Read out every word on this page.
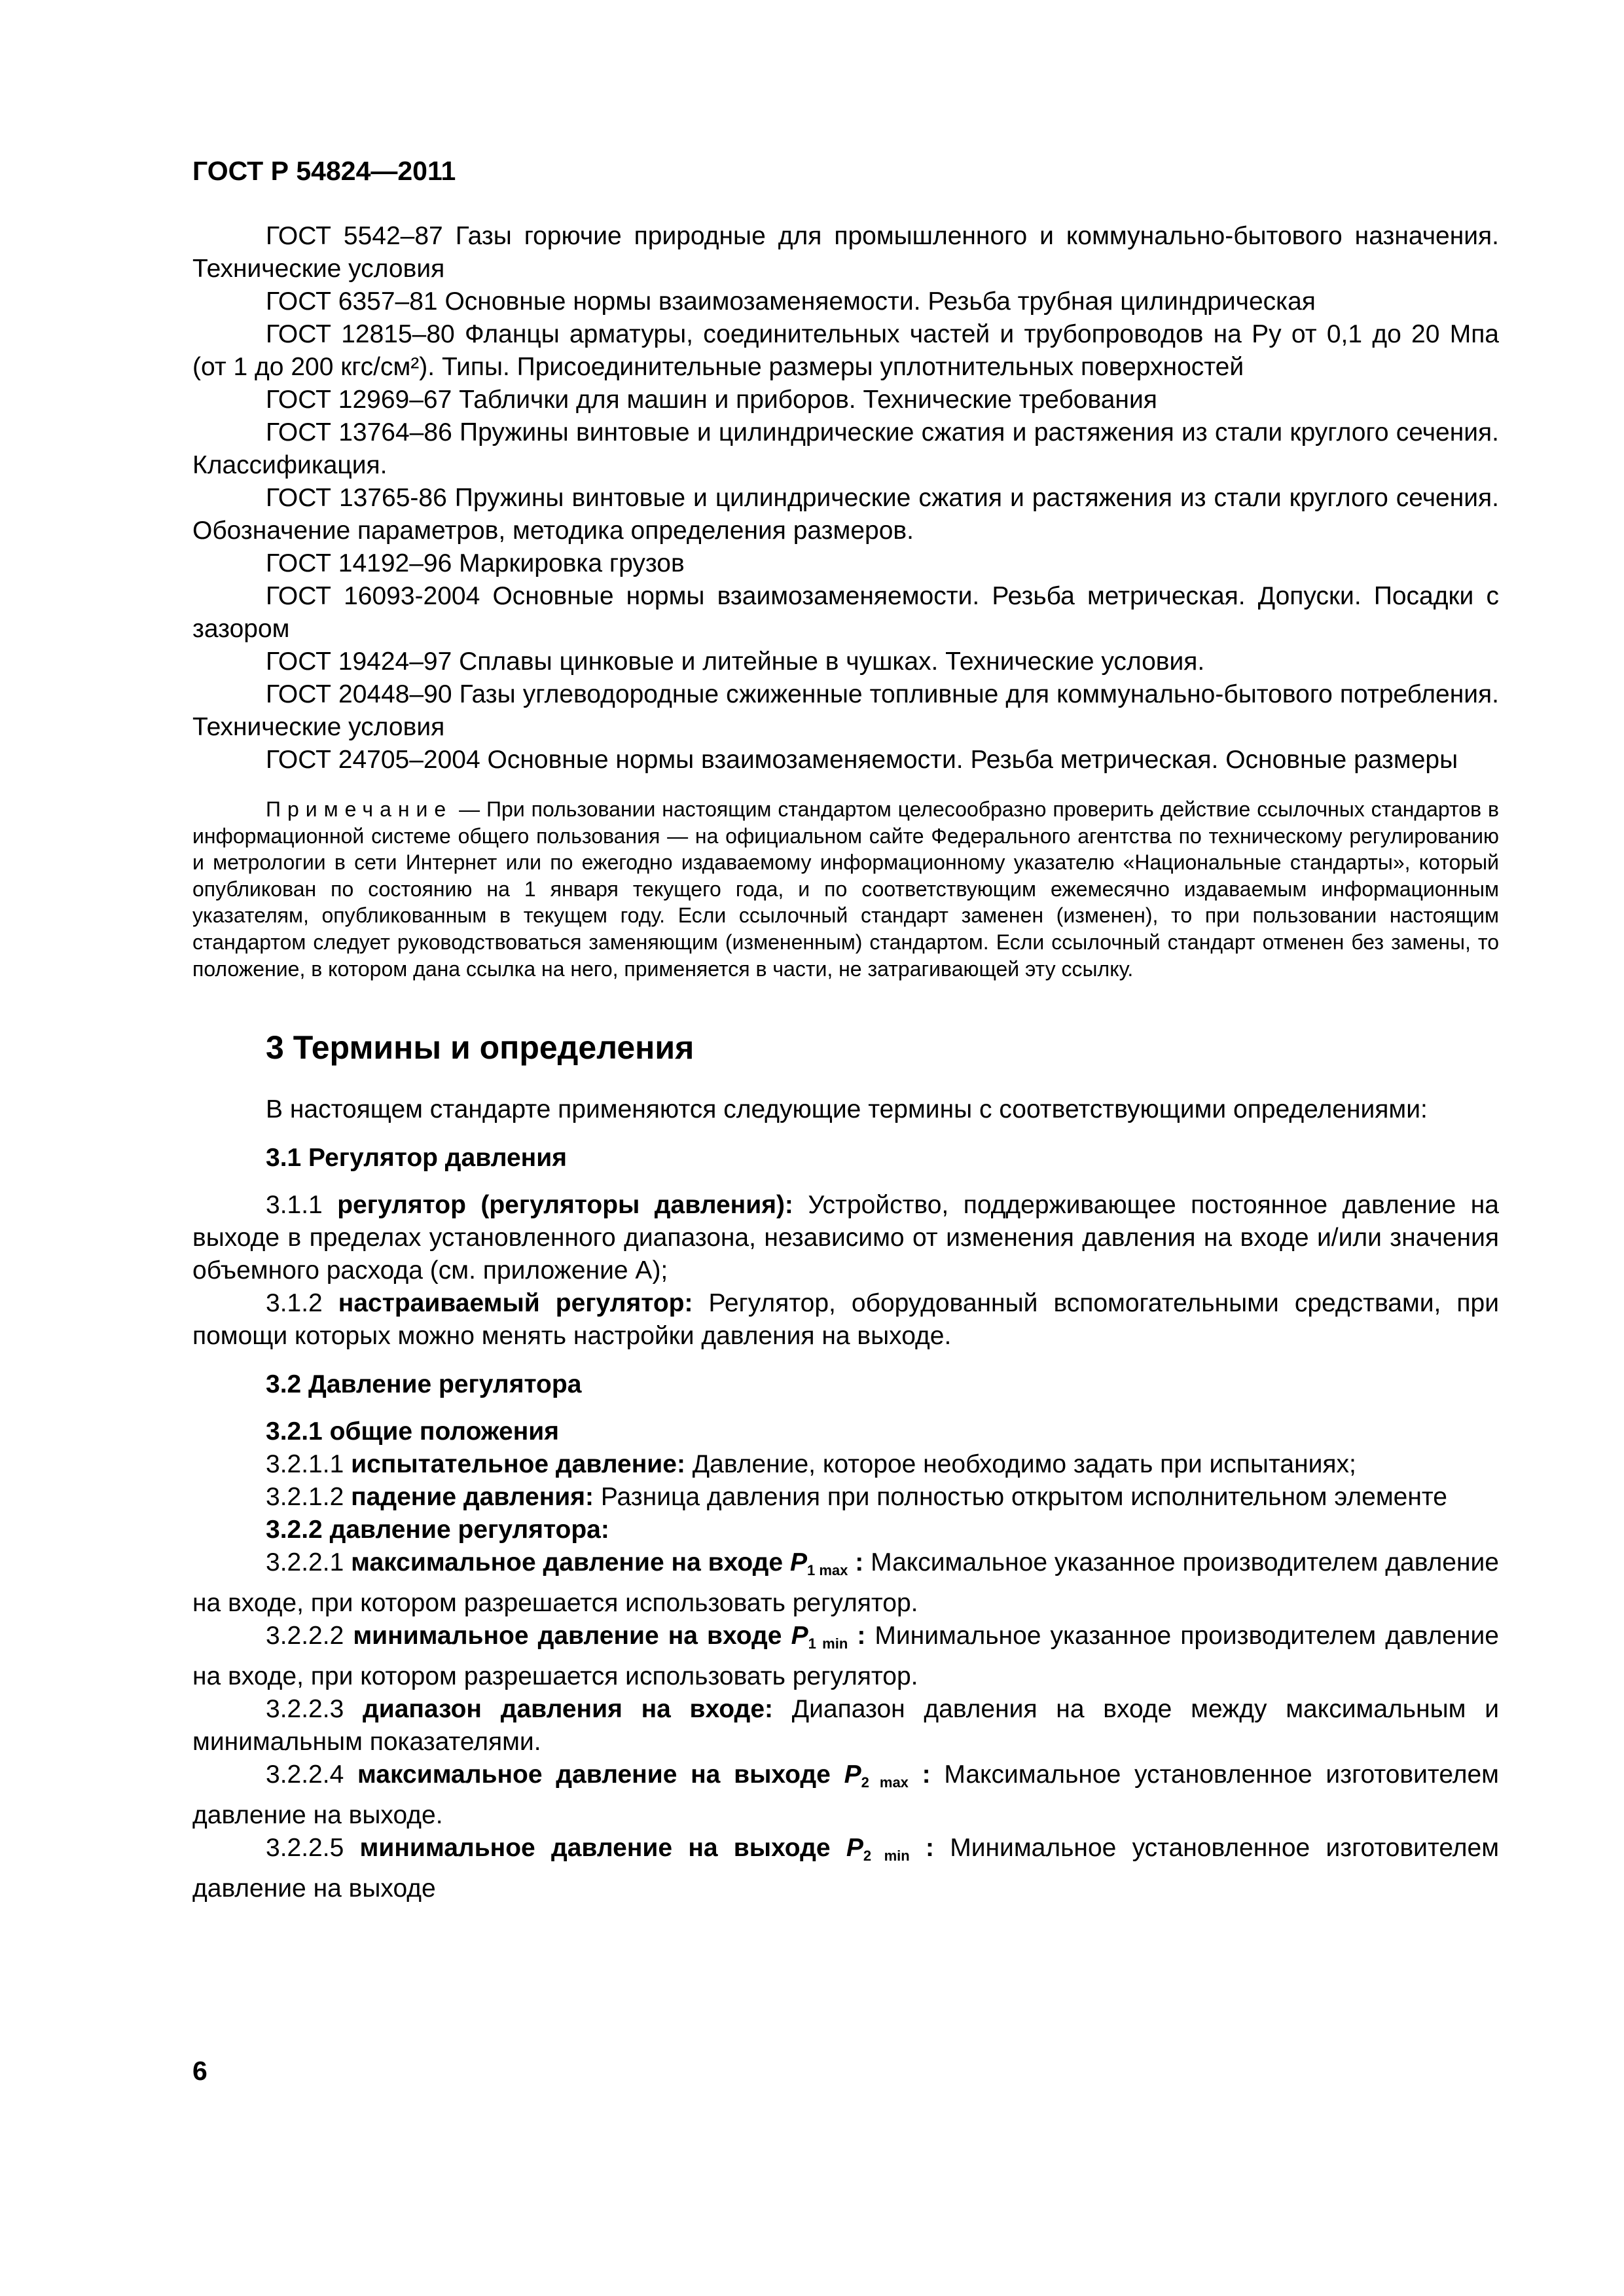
ГОСТ Р 54824—2011

ГОСТ 5542–87 Газы горючие природные для промышленного и коммунально-бытового назначения. Технические условия

ГОСТ 6357–81 Основные нормы взаимозаменяемости. Резьба трубная цилиндрическая

ГОСТ 12815–80 Фланцы арматуры, соединительных частей и трубопроводов на Pу от 0,1 до 20 Мпа (от 1 до 200 кгс/см²). Типы. Присоединительные размеры уплотнительных поверхностей

ГОСТ 12969–67 Таблички для машин и приборов. Технические требования

ГОСТ 13764–86 Пружины винтовые и цилиндрические сжатия и растяжения из стали круглого сечения. Классификация.

ГОСТ 13765-86 Пружины винтовые и цилиндрические сжатия и растяжения из стали круглого сечения. Обозначение параметров, методика определения размеров.

ГОСТ 14192–96 Маркировка грузов

ГОСТ 16093-2004 Основные нормы взаимозаменяемости. Резьба метрическая. Допуски. Посадки с зазором

ГОСТ 19424–97 Сплавы цинковые и литейные в чушках. Технические условия.

ГОСТ 20448–90 Газы углеводородные сжиженные топливные для коммунально-бытового потребления. Технические условия

ГОСТ 24705–2004 Основные нормы взаимозаменяемости. Резьба метрическая. Основные размеры

Примечание — При пользовании настоящим стандартом целесообразно проверить действие ссылочных стандартов в информационной системе общего пользования — на официальном сайте Федерального агентства по техническому регулированию и метрологии в сети Интернет или по ежегодно издаваемому информационному указателю «Национальные стандарты», который опубликован по состоянию на 1 января текущего года, и по соответствующим ежемесячно издаваемым информационным указателям, опубликованным в текущем году. Если ссылочный стандарт заменен (изменен), то при пользовании настоящим стандартом следует руководствоваться заменяющим (измененным) стандартом. Если ссылочный стандарт отменен без замены, то положение, в котором дана ссылка на него, применяется в части, не затрагивающей эту ссылку.

3 Термины и определения

В настоящем стандарте применяются следующие термины с соответствующими определениями:

3.1 Регулятор давления

3.1.1 регулятор (регуляторы давления): Устройство, поддерживающее постоянное давление на выходе в пределах установленного диапазона, независимо от изменения давления на входе и/или значения объемного расхода (см. приложение А);

3.1.2 настраиваемый регулятор: Регулятор, оборудованный вспомогательными средствами, при помощи которых можно менять настройки давления на выходе.

3.2 Давление регулятора
3.2.1 общие положения

3.2.1.1 испытательное давление: Давление, которое необходимо задать при испытаниях;

3.2.1.2 падение давления: Разница давления при полностью открытом исполнительном элементе

3.2.2 давление регулятора:

3.2.2.1 максимальное давление на входе $P_{1 max}$ : Максимальное указанное производителем давление на входе, при котором разрешается использовать регулятор.

3.2.2.2 минимальное давление на входе $P_{1 min}$ : Минимальное указанное производителем давление на входе, при котором разрешается использовать регулятор.

3.2.2.3 диапазон давления на входе: Диапазон давления на входе между максимальным и минимальным показателями.

3.2.2.4 максимальное давление на выходе $P_{2 max}$ : Максимальное установленное изготовителем давление на выходе.

3.2.2.5 минимальное давление на выходе $P_{2 min}$ : Минимальное установленное изготовителем давление на выходе

6
